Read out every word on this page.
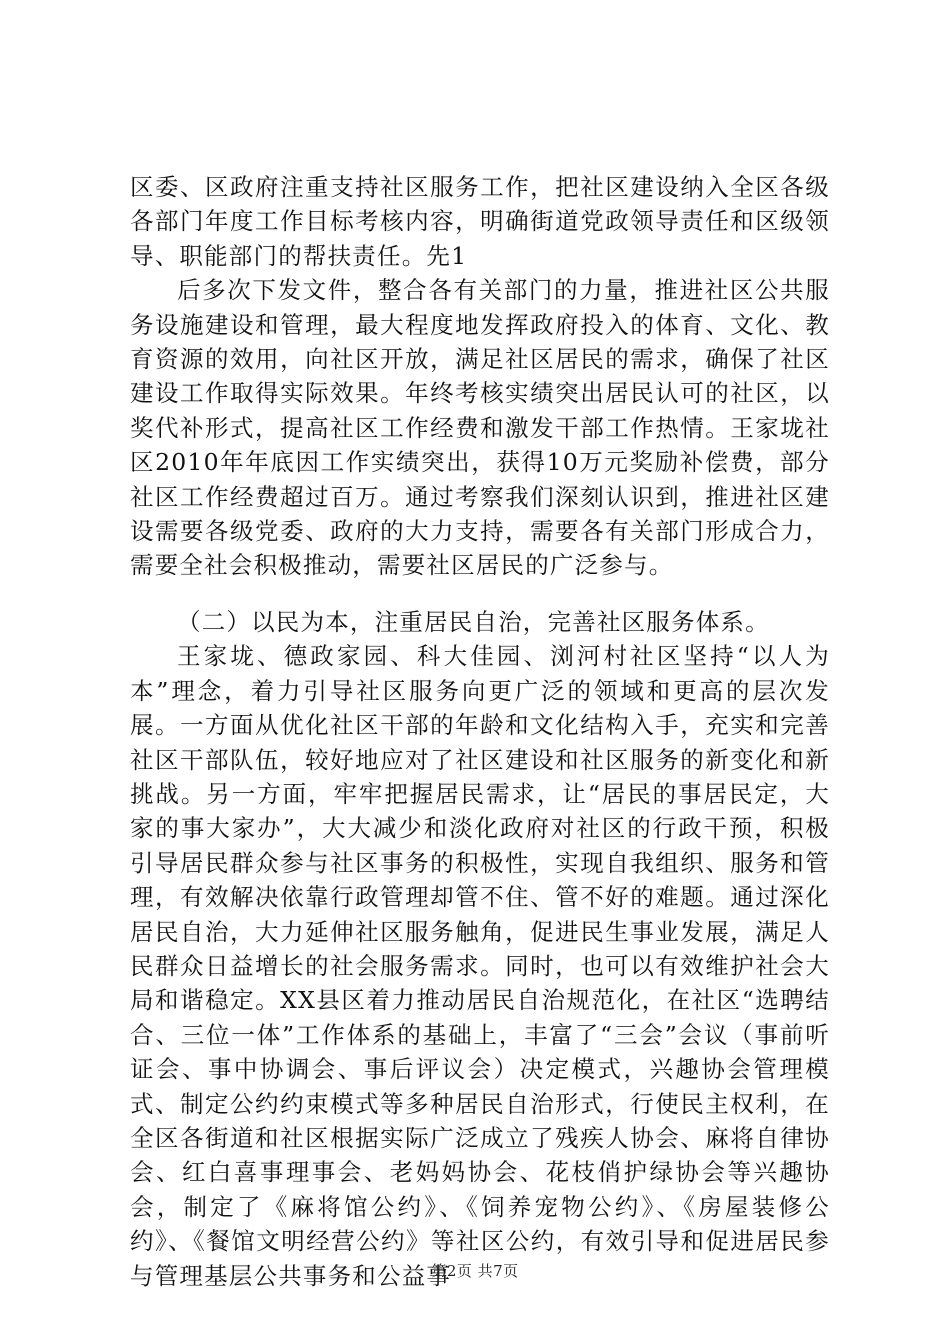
区委、区政府注重支持社区服务工作，把社区建设纳入全区各级各部门年度工作目标考核内容，明确街道党政领导责任和区级领导、职能部门的帮扶责任。先1

后多次下发文件，整合各有关部门的力量，推进社区公共服务设施建设和管理，最大程度地发挥政府投入的体育、文化、教育资源的效用，向社区开放，满足社区居民的需求，确保了社区建设工作取得实际效果。年终考核实绩突出居民认可的社区，以奖代补形式，提高社区工作经费和激发干部工作热情。王家垅社区2010年年底因工作实绩突出，获得10万元奖励补偿费，部分社区工作经费超过百万。通过考察我们深刻认识到，推进社区建设需要各级党委、政府的大力支持，需要各有关部门形成合力，需要全社会积极推动，需要社区居民的广泛参与。

（二）以民为本，注重居民自治，完善社区服务体系。

王家垅、德政家园、科大佳园、浏河村社区坚持“以人为本”理念，着力引导社区服务向更广泛的领域和更高的层次发展。一方面从优化社区干部的年龄和文化结构入手，充实和完善社区干部队伍，较好地应对了社区建设和社区服务的新变化和新挑战。另一方面，牢牢把握居民需求，让“居民的事居民定，大家的事大家办”，大大减少和淡化政府对社区的行政干预，积极引导居民群众参与社区事务的积极性，实现自我组织、服务和管理，有效解决依靠行政管理却管不住、管不好的难题。通过深化居民自治，大力延伸社区服务触角，促进民生事业发展，满足人民群众日益增长的社会服务需求。同时，也可以有效维护社会大局和谐稳定。XX县区着力推动居民自治规范化，在社区“选聘结合、三位一体”工作体系的基础上，丰富了“三会”会议（事前听证会、事中协调会、事后评议会）决定模式，兴趣协会管理模式、制定公约约束模式等多种居民自治形式，行使民主权利，在全区各街道和社区根据实际广泛成立了残疾人协会、麻将自律协会、红白喜事理事会、老妈妈协会、花枝俏护绿协会等兴趣协会，制定了《麻将馆公约》、《饲养宠物公约》、《房屋装修公约》、《餐馆文明经营公约》等社区公约，有效引导和促进居民参与管理基层公共事务和公益事

第2页 共7页
